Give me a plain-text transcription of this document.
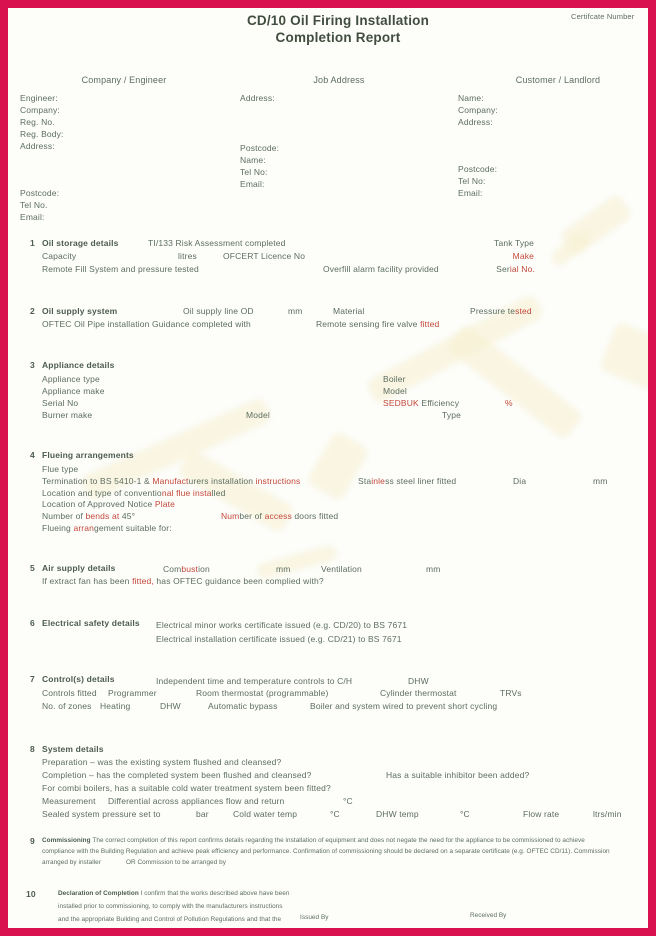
CD/10 Oil Firing Installation
Completion Report
Certifcate Number
Company / Engineer	Job Address	Customer / Landlord
Engineer:
Company:
Reg. No.
Reg. Body:
Address:
Postcode:
Tel No.
Email:
Address:
Postcode:
Name:
Tel No:
Email:
Name:
Company:
Address:
Postcode:
Tel No:
Email:
1 Oil storage details	TI/133 Risk Assessment completed	Tank Type
Capacity	litres	OFCERT Licence No	Make
Remote Fill System and pressure tested	Overfill alarm facility provided	Serial No.
2 Oil supply system	Oil supply line OD	mm	Material	Pressure tested
OFTEC Oil Pipe installation Guidance completed with	Remote sensing fire valve fitted
3 Appliance details
Appliance type	Boiler
Appliance make	Model
Serial No	SEDBUK Efficiency	%
Burner make	Model	Type
4 Flueing arrangements
Flue type
Termination to BS 5410-1 & Manufacturers installation instructions	Stainless steel liner fitted	Dia	mm
Location and type of conventional flue installed
Location of Approved Notice Plate
Number of bends at 45°	Number of access doors fitted
Flueing arrangement suitable for:
5 Air supply details	Combustion	mm	Ventilation	mm
If extract fan has been fitted, has OFTEC guidance been complied with?
6 Electrical safety details Electrical minor works certificate issued (e.g. CD/20) to BS 7671
Electrical installation certificate issued (e.g. CD/21) to BS 7671
7 Control(s) details	Independent time and temperature controls to C/H	DHW
Controls fitted Programmer	Room thermostat (programmable)	Cylinder thermostat	TRVs
No. of zones Heating	DHW	Automatic bypass	Boiler and system wired to prevent short cycling
8 System details
Preparation – was the existing system flushed and cleansed?
Completion – has the completed system been flushed and cleansed?	Has a suitable inhibitor been added?
For combi boilers, has a suitable cold water treatment system been fitted?
Measurement Differential across appliances flow and return	°C
Sealed system pressure set to	bar	Cold water temp	°C	DHW temp	°C	Flow rate	ltrs/min
9 Commissioning The correct completion of this report confirms details regarding the installation of equipment and does not negate the need for the appliance to be commissioned to achieve
compliance with the Building Regulation and achieve peak efficiency and performance. Confirmation of commissioning should be declared on a separate certificate (e.g. OFTEC CD/11). Commission
arranged by installer	OR Commission to be arranged by
10	Declaration of Completion I confirm that the works described above have been
installed prior to commissioning, to comply with the manufacturers instructions
and the appropriate Building and Control of Pollution Regulations and that the
operating requirements have been demonstrated to the owner/end user
Issued By
Date
Received By
